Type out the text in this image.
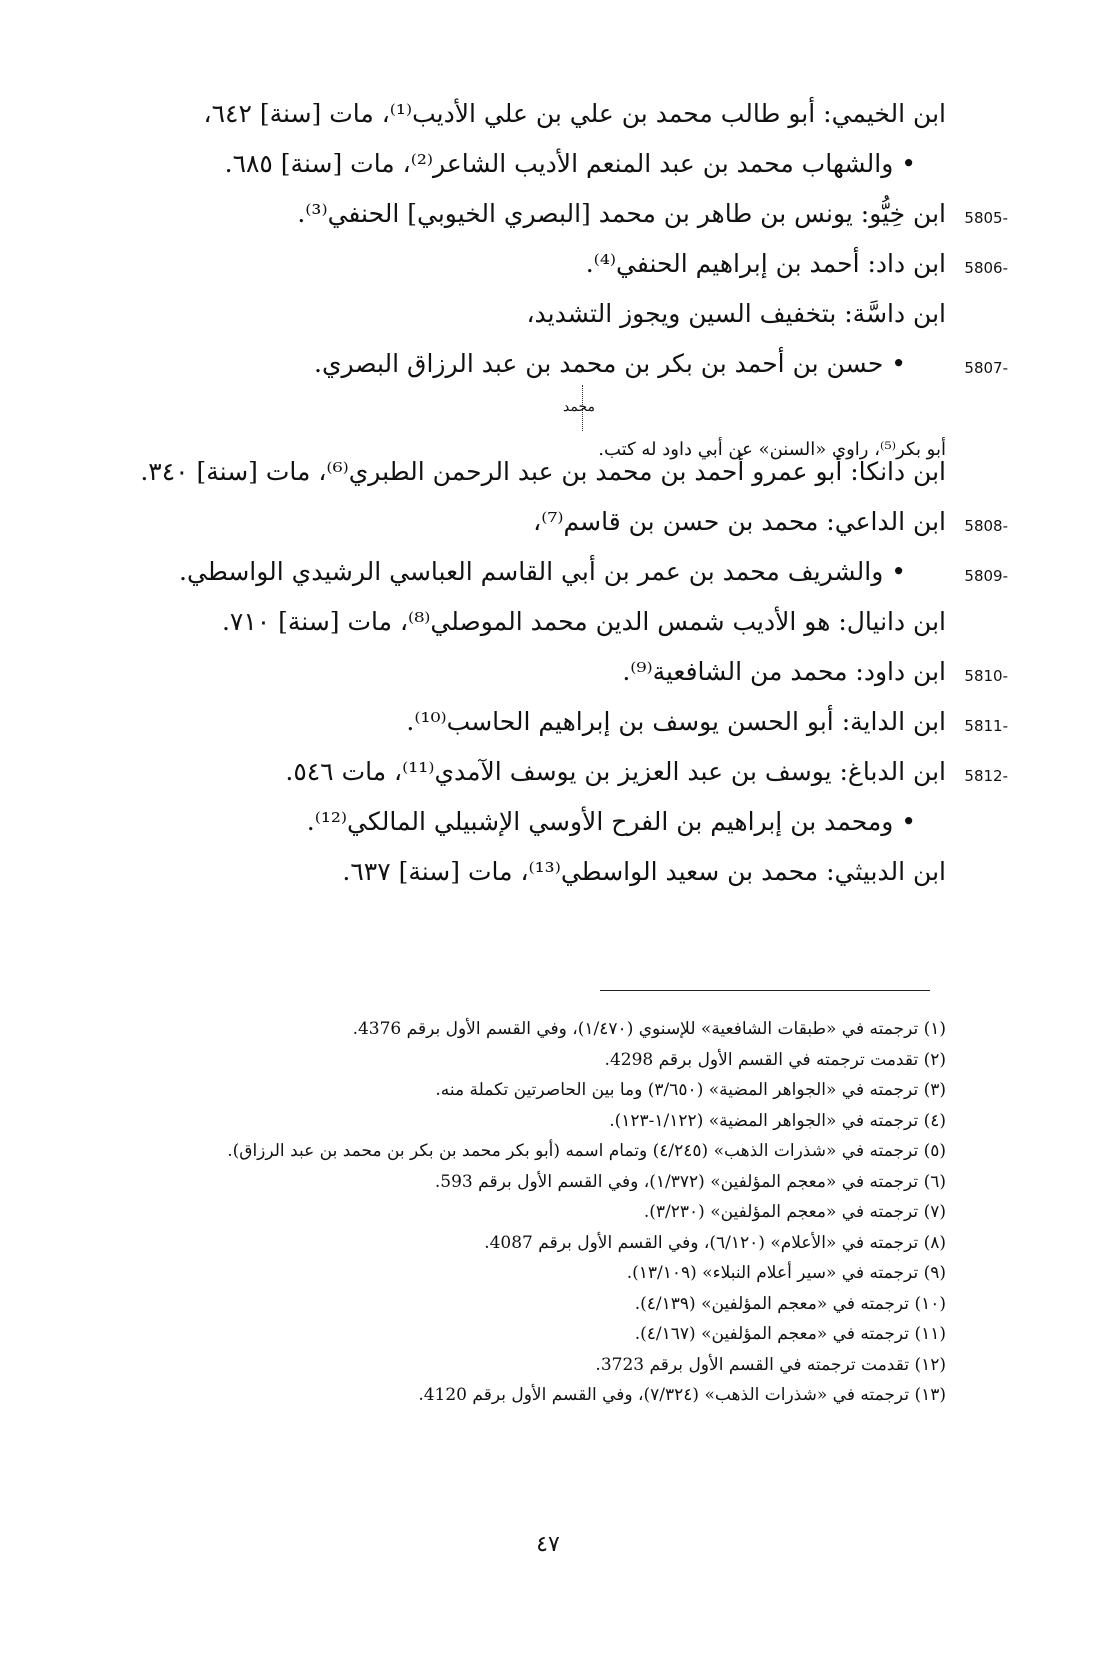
ابن الخيمي: أبو طالب محمد بن علي بن علي الأديب⁽¹⁾، مات [سنة] ٦٤٢،
• والشهاب محمد بن عبد المنعم الأديب الشاعر⁽²⁾، مات [سنة] ٦٨٥.
ابن خِيُّو: يونس بن طاهر بن محمد [البصري الخيوبي] الحنفي⁽³⁾. 5805-
ابن داد: أحمد بن إبراهيم الحنفي⁽⁴⁾. 5806-
ابن داسَّة: بتخفيف السين ويجوز التشديد،
• حسن بن أحمد بن بكر بن محمد بن عبد الرزاق البصري.	5807-
ابن دانكا: أبو عمرو أحمد بن محمد بن عبد الرحمن الطبري⁽⁶⁾، مات [سنة] ٣٤٠.
ابن الداعي: محمد بن حسن بن قاسم⁽⁷⁾، 5808-
• والشريف محمد بن عمر بن أبي القاسم العباسي الرشيدي الواسطي.	5809-
ابن دانيال: هو الأديب شمس الدين محمد الموصلي⁽⁸⁾، مات [سنة] ٧١٠.
ابن داود: محمد من الشافعية⁽⁹⁾. 5810-
ابن الداية: أبو الحسن يوسف بن إبراهيم الحاسب⁽¹⁰⁾. 5811-
ابن الدباغ: يوسف بن عبد العزيز بن يوسف الآمدي⁽¹¹⁾، مات ٥٤٦. 5812-
• ومحمد بن إبراهيم بن الفرح الأوسي الإشبيلي المالكي⁽¹²⁾.
ابن الدبيثي: محمد بن سعيد الواسطي⁽¹³⁾، مات [سنة] ٦٣٧.
محمد
أبو بكر⁽⁵⁾، راوي «السنن» عن أبي داود له كتب.
(١) ترجمته في «طبقات الشافعية» للإسنوي (١/٤٧٠)، وفي القسم الأول برقم 4376.
(٢) تقدمت ترجمته في القسم الأول برقم 4298.
(٣) ترجمته في «الجواهر المضية» (٣/٦٥٠) وما بين الحاصرتين تكملة منه.
(٤) ترجمته في «الجواهر المضية» (١/١٢٢-١٢٣).
(٥) ترجمته في «شذرات الذهب» (٤/٢٤٥) وتمام اسمه (أبو بكر محمد بن بكر بن محمد بن عبد الرزاق).
(٦) ترجمته في «معجم المؤلفين» (١/٣٧٢)، وفي القسم الأول برقم 593.
(٧) ترجمته في «معجم المؤلفين» (٣/٢٣٠).
(٨) ترجمته في «الأعلام» (٦/١٢٠)، وفي القسم الأول برقم 4087.
(٩) ترجمته في «سير أعلام النبلاء» (١٣/١٠٩).
(١٠) ترجمته في «معجم المؤلفين» (٤/١٣٩).
(١١) ترجمته في «معجم المؤلفين» (٤/١٦٧).
(١٢) تقدمت ترجمته في القسم الأول برقم 3723.
(١٣) ترجمته في «شذرات الذهب» (٧/٣٢٤)، وفي القسم الأول برقم 4120.
٤٧
